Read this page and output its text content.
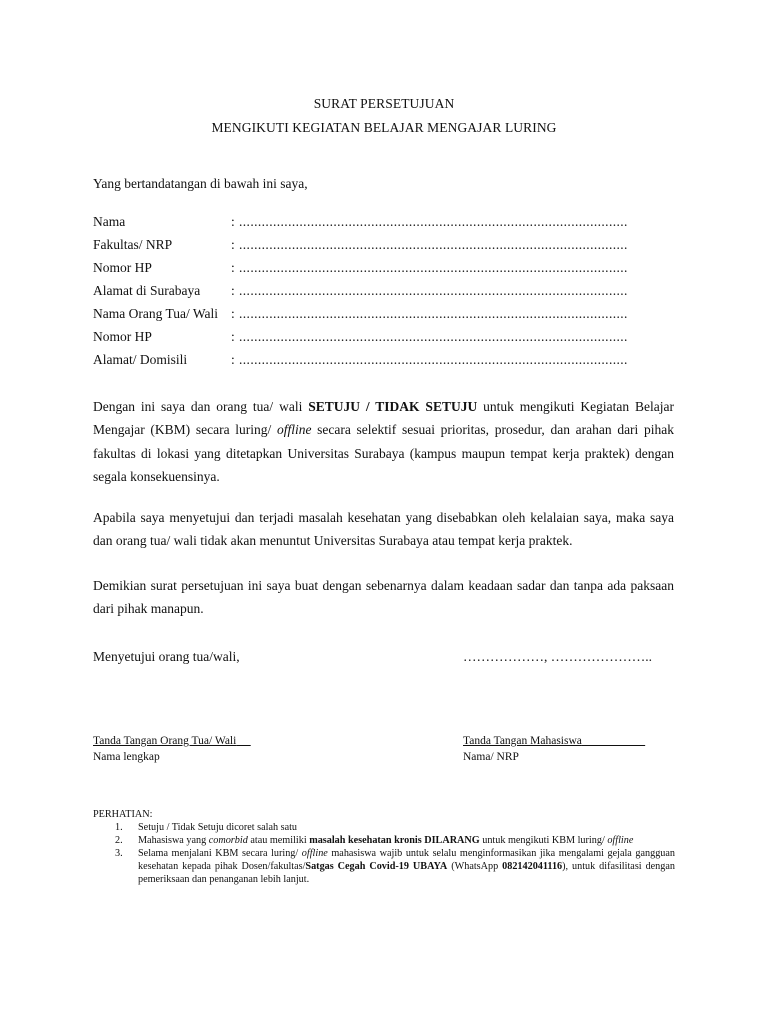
SURAT PERSETUJUAN
MENGIKUTI KEGIATAN BELAJAR MENGAJAR LURING
Yang bertandatangan di bawah ini saya,
Nama	: .......................................................................................................
Fakultas/ NRP	: .......................................................................................................
Nomor HP	: .......................................................................................................
Alamat di Surabaya	: .......................................................................................................
Nama Orang Tua/ Wali : .......................................................................................................
Nomor HP	: .......................................................................................................
Alamat/ Domisili	: .......................................................................................................
Dengan ini saya dan orang tua/ wali SETUJU / TIDAK SETUJU untuk mengikuti Kegiatan Belajar Mengajar (KBM) secara luring/ offline secara selektif sesuai prioritas, prosedur, dan arahan dari pihak fakultas di lokasi yang ditetapkan Universitas Surabaya (kampus maupun tempat kerja praktek) dengan segala konsekuensinya.
Apabila saya menyetujui dan terjadi masalah kesehatan yang disebabkan oleh kelalaian saya, maka saya dan orang tua/ wali tidak akan menuntut Universitas Surabaya atau tempat kerja praktek.
Demikian surat persetujuan ini saya buat dengan sebenarnya dalam keadaan sadar dan tanpa ada paksaan dari pihak manapun.
Menyetujui orang tua/wali,	………………, …………………..
Tanda Tangan Orang Tua/ Wali
Nama lengkap
Tanda Tangan Mahasiswa
Nama/ NRP
PERHATIAN:
1. Setuju / Tidak Setuju dicoret salah satu
2. Mahasiswa yang comorbid atau memiliki masalah kesehatan kronis DILARANG untuk mengikuti KBM luring/ offline
3. Selama menjalani KBM secara luring/ offline mahasiswa wajib untuk selalu menginformasikan jika mengalami gejala gangguan kesehatan kepada pihak Dosen/fakultas/Satgas Cegah Covid-19 UBAYA (WhatsApp 082142041116), untuk difasilitasi dengan pemeriksaan dan penanganan lebih lanjut.
